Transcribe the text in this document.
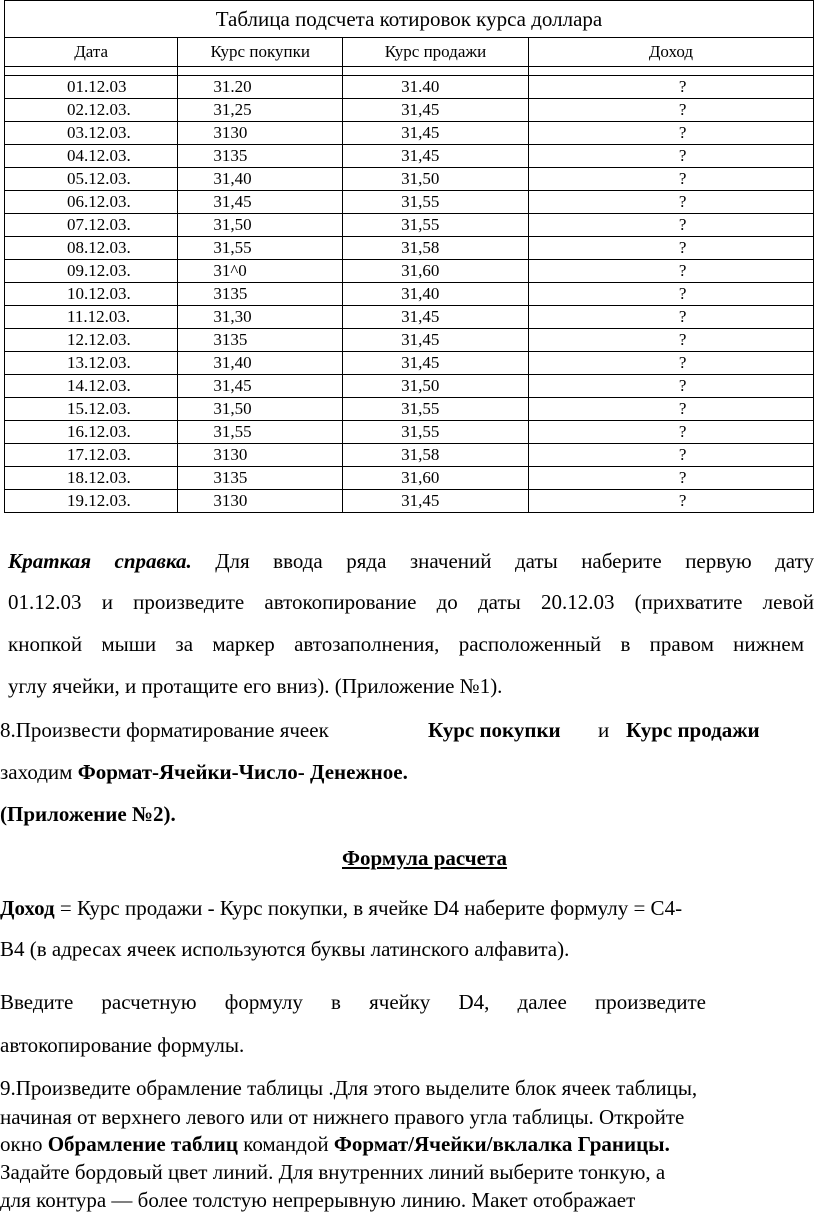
Таблица подсчета котировок курса доллара			
Дата	Курс покупки	Курс продажи	Доход

01.12.03	31.20	31.40	?
02.12.03.	31,25	31,45	?
03.12.03.	3130	31,45	?
04.12.03.	3135	31,45	?
05.12.03.	31,40	31,50	?
06.12.03.	31,45	31,55	?
07.12.03.	31,50	31,55	?
08.12.03.	31,55	31,58	?
09.12.03.	31^0	31,60	?
10.12.03.	3135	31,40	?
11.12.03.	31,30	31,45	?
12.12.03.	3135	31,45	?
13.12.03.	31,40	31,45	?
14.12.03.	31,45	31,50	?
15.12.03.	31,50	31,55	?
16.12.03.	31,55	31,55	?
17.12.03.	3130	31,58	?
18.12.03.	3135	31,60	?
19.12.03.	3130	31,45	?
Краткая справка. Для ввода ряда значений даты наберите первую дату
01.12.03 и произведите автокопирование до даты 20.12.03 (прихватите левой
кнопкой мыши за маркер автозаполнения, расположенный в правом нижнем
углу ячейки, и протащите его вниз). (Приложение №1).
8.Произвести форматирование ячеек	Курс покупки и Курс продажи
заходим Формат-Ячейки-Число- Денежное.
(Приложение №2).
Формула расчета
Доход = Курс продажи - Курс покупки, в ячейке D4 наберите формулу = С4-
В4 (в адресах ячеек используются буквы латинского алфавита).
Введите расчетную формулу в ячейку D4, далее произведите
автокопирование формулы.
9.Произведите обрамление таблицы .Для этого выделите блок ячеек таблицы,
начиная от верхнего левого или от нижнего правого угла таблицы. Откройте
окно Обрамление таблиц командой Формат/Ячейки/вклалка Границы.
Задайте бордовый цвет линий. Для внутренних линий выберите тонкую, а
для контура — более толстую непрерывную линию. Макет отображает
